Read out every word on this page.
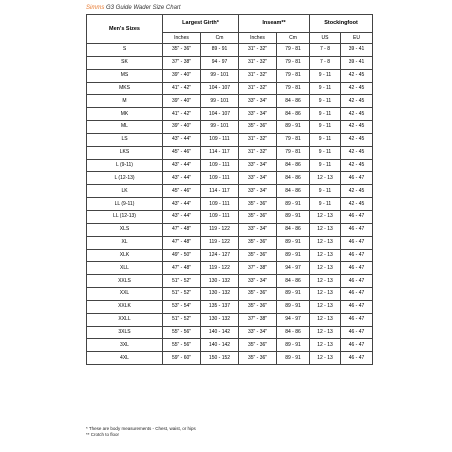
Simms G3 Guide Wader Size Chart
Men's Sizes	Largest Girth*		Inseam**		Stockingfoot	
	Inches	Cm	Inches	Cm	US	EU
S	35" - 36"	89 - 91	31" - 32"	79 - 81	7 - 8	39 - 41
SK	37" - 38"	94 - 97	31" - 32"	79 - 81	7 - 8	39 - 41
MS	39" - 40"	99 - 101	31" - 32"	79 - 81	9 - 11	42 - 45
MKS	41" - 42"	104 - 107	31" - 32"	79 - 81	9 - 11	42 - 45
M	39" - 40"	99 - 101	33" - 34"	84 - 86	9 - 11	42 - 45
MK	41" - 42"	104 - 107	33" - 34"	84 - 86	9 - 11	42 - 45
ML	39" - 40"	99 - 101	35" - 36"	89 - 91	9 - 11	42 - 45
LS	43" - 44"	109 - 111	31" - 32"	79 - 81	9 - 11	42 - 45
LKS	45" - 46"	114 - 117	31" - 32"	79 - 81	9 - 11	42 - 45
L (9-11)	43" - 44"	109 - 111	33" - 34"	84 - 86	9 - 11	42 - 45
L (12-13)	43" - 44"	109 - 111	33" - 34"	84 - 86	12 - 13	46 - 47
LK	45" - 46"	114 - 117	33" - 34"	84 - 86	9 - 11	42 - 45
LL (9-11)	43" - 44"	109 - 111	35" - 36"	89 - 91	9 - 11	42 - 45
LL (12-13)	43" - 44"	109 - 111	35" - 36"	89 - 91	12 - 13	46 - 47
XLS	47" - 48"	119 - 122	33" - 34"	84 - 86	12 - 13	46 - 47
XL	47" - 48"	119 - 122	35" - 36"	89 - 91	12 - 13	46 - 47
XLK	49" - 50"	124 - 127	35" - 36"	89 - 91	12 - 13	46 - 47
XLL	47" - 48"	119 - 122	37" - 38"	94 - 97	12 - 13	46 - 47
XXLS	51" - 52"	130 - 132	33" - 34"	84 - 86	12 - 13	46 - 47
XXL	51" - 52"	130 - 132	35" - 36"	89 - 91	12 - 13	46 - 47
XXLK	53" - 54"	135 - 137	35" - 36"	89 - 91	12 - 13	46 - 47
XXLL	51" - 52"	130 - 132	37" - 38"	94 - 97	12 - 13	46 - 47
3XLS	55" - 56"	140 - 142	33" - 34"	84 - 86	12 - 13	46 - 47
3XL	55" - 56"	140 - 142	35" - 36"	89 - 91	12 - 13	46 - 47
4XL	59" - 60"	150 - 152	35" - 36"	89 - 91	12 - 13	46 - 47
* These are body measurements - Chest, waist, or hips
** Crotch to floor
